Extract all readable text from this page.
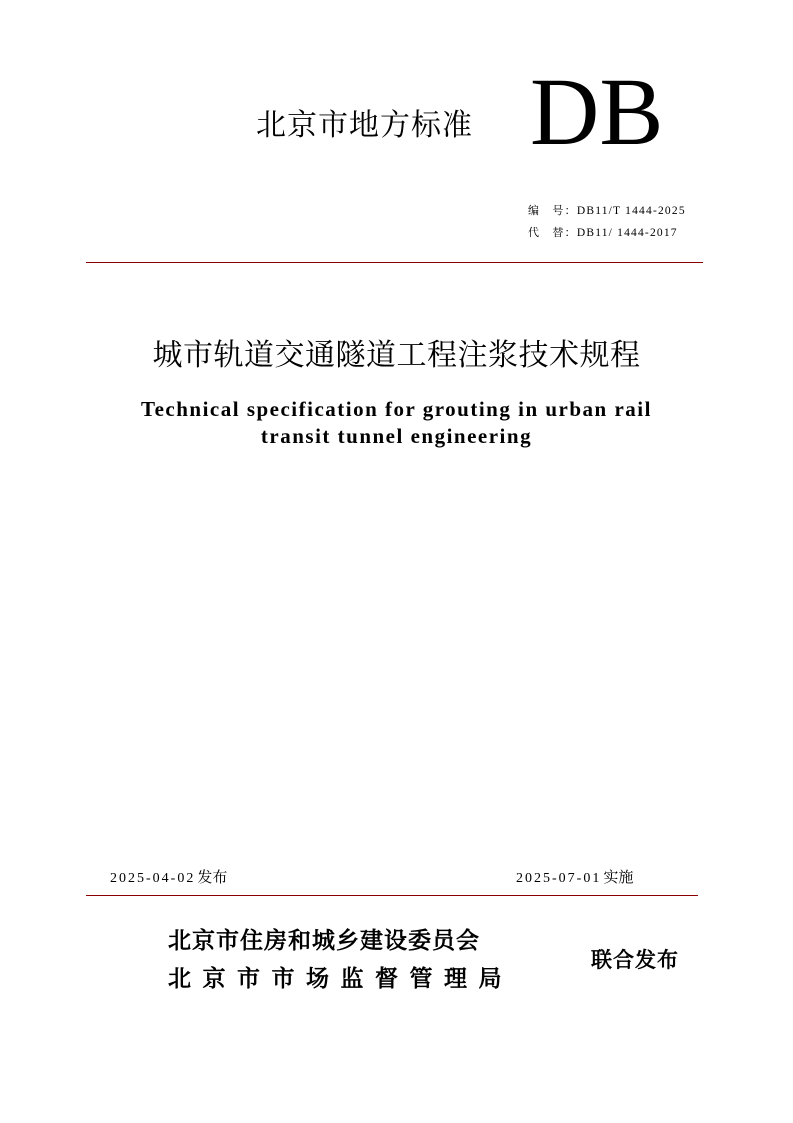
北京市地方标准 DB
编　号：DB11/T 1444-2025
代　替：DB11/ 1444-2017
城市轨道交通隧道工程注浆技术规程
Technical specification for grouting in urban rail
transit tunnel engineering
2025-04-02 发布	2025-07-01 实施
北京市住房和城乡建设委员会
北京市市场监督管理局
联合发布
